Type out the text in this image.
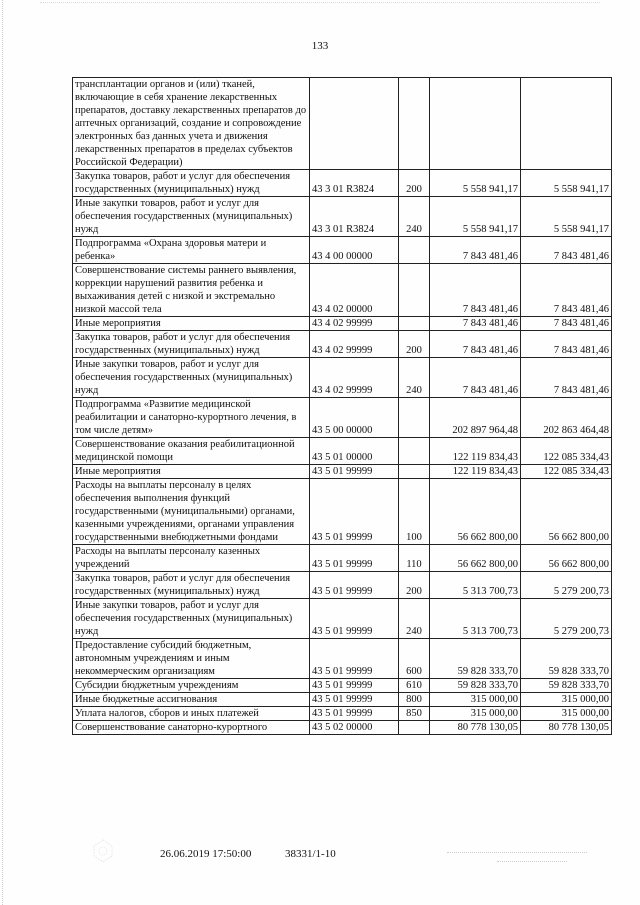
133
трансплантации органов и (или) тканей, включающие в себя хранение лекарственных препаратов, доставку лекарственных препаратов до аптечных организаций, создание и сопровождение электронных баз данных учета и движения лекарственных препаратов в пределах субъектов Российской Федерации)				
Закупка товаров, работ и услуг для обеспечения государственных (муниципальных) нужд	43 3 01 R3824	200	5 558 941,17	5 558 941,17
Иные закупки товаров, работ и услуг для обеспечения государственных (муниципальных) нужд	43 3 01 R3824	240	5 558 941,17	5 558 941,17
Подпрограмма «Охрана здоровья матери и ребенка»	43 4 00 00000		7 843 481,46	7 843 481,46
Совершенствование системы раннего выявления, коррекции нарушений развития ребенка и выхаживания детей с низкой и экстремально низкой массой тела	43 4 02 00000		7 843 481,46	7 843 481,46
Иные мероприятия	43 4 02 99999		7 843 481,46	7 843 481,46
Закупка товаров, работ и услуг для обеспечения государственных (муниципальных) нужд	43 4 02 99999	200	7 843 481,46	7 843 481,46
Иные закупки товаров, работ и услуг для обеспечения государственных (муниципальных) нужд	43 4 02 99999	240	7 843 481,46	7 843 481,46
Подпрограмма «Развитие медицинской реабилитации и санаторно-курортного лечения, в том числе детям»	43 5 00 00000		202 897 964,48	202 863 464,48
Совершенствование оказания реабилитационной медицинской помощи	43 5 01 00000		122 119 834,43	122 085 334,43
Иные мероприятия	43 5 01 99999		122 119 834,43	122 085 334,43
Расходы на выплаты персоналу в целях обеспечения выполнения функций государственными (муниципальными) органами, казенными учреждениями, органами управления государственными внебюджетными фондами	43 5 01 99999	100	56 662 800,00	56 662 800,00
Расходы на выплаты персоналу казенных учреждений	43 5 01 99999	110	56 662 800,00	56 662 800,00
Закупка товаров, работ и услуг для обеспечения государственных (муниципальных) нужд	43 5 01 99999	200	5 313 700,73	5 279 200,73
Иные закупки товаров, работ и услуг для обеспечения государственных (муниципальных) нужд	43 5 01 99999	240	5 313 700,73	5 279 200,73
Предоставление субсидий бюджетным, автономным учреждениям и иным некоммерческим организациям	43 5 01 99999	600	59 828 333,70	59 828 333,70
Субсидии бюджетным учреждениям	43 5 01 99999	610	59 828 333,70	59 828 333,70
Иные бюджетные ассигнования	43 5 01 99999	800	315 000,00	315 000,00
Уплата налогов, сборов и иных платежей	43 5 01 99999	850	315 000,00	315 000,00
Совершенствование санаторно-курортного	43 5 02 00000		80 778 130,05	80 778 130,05
26.06.2019 17:50:00	38331/1-10
